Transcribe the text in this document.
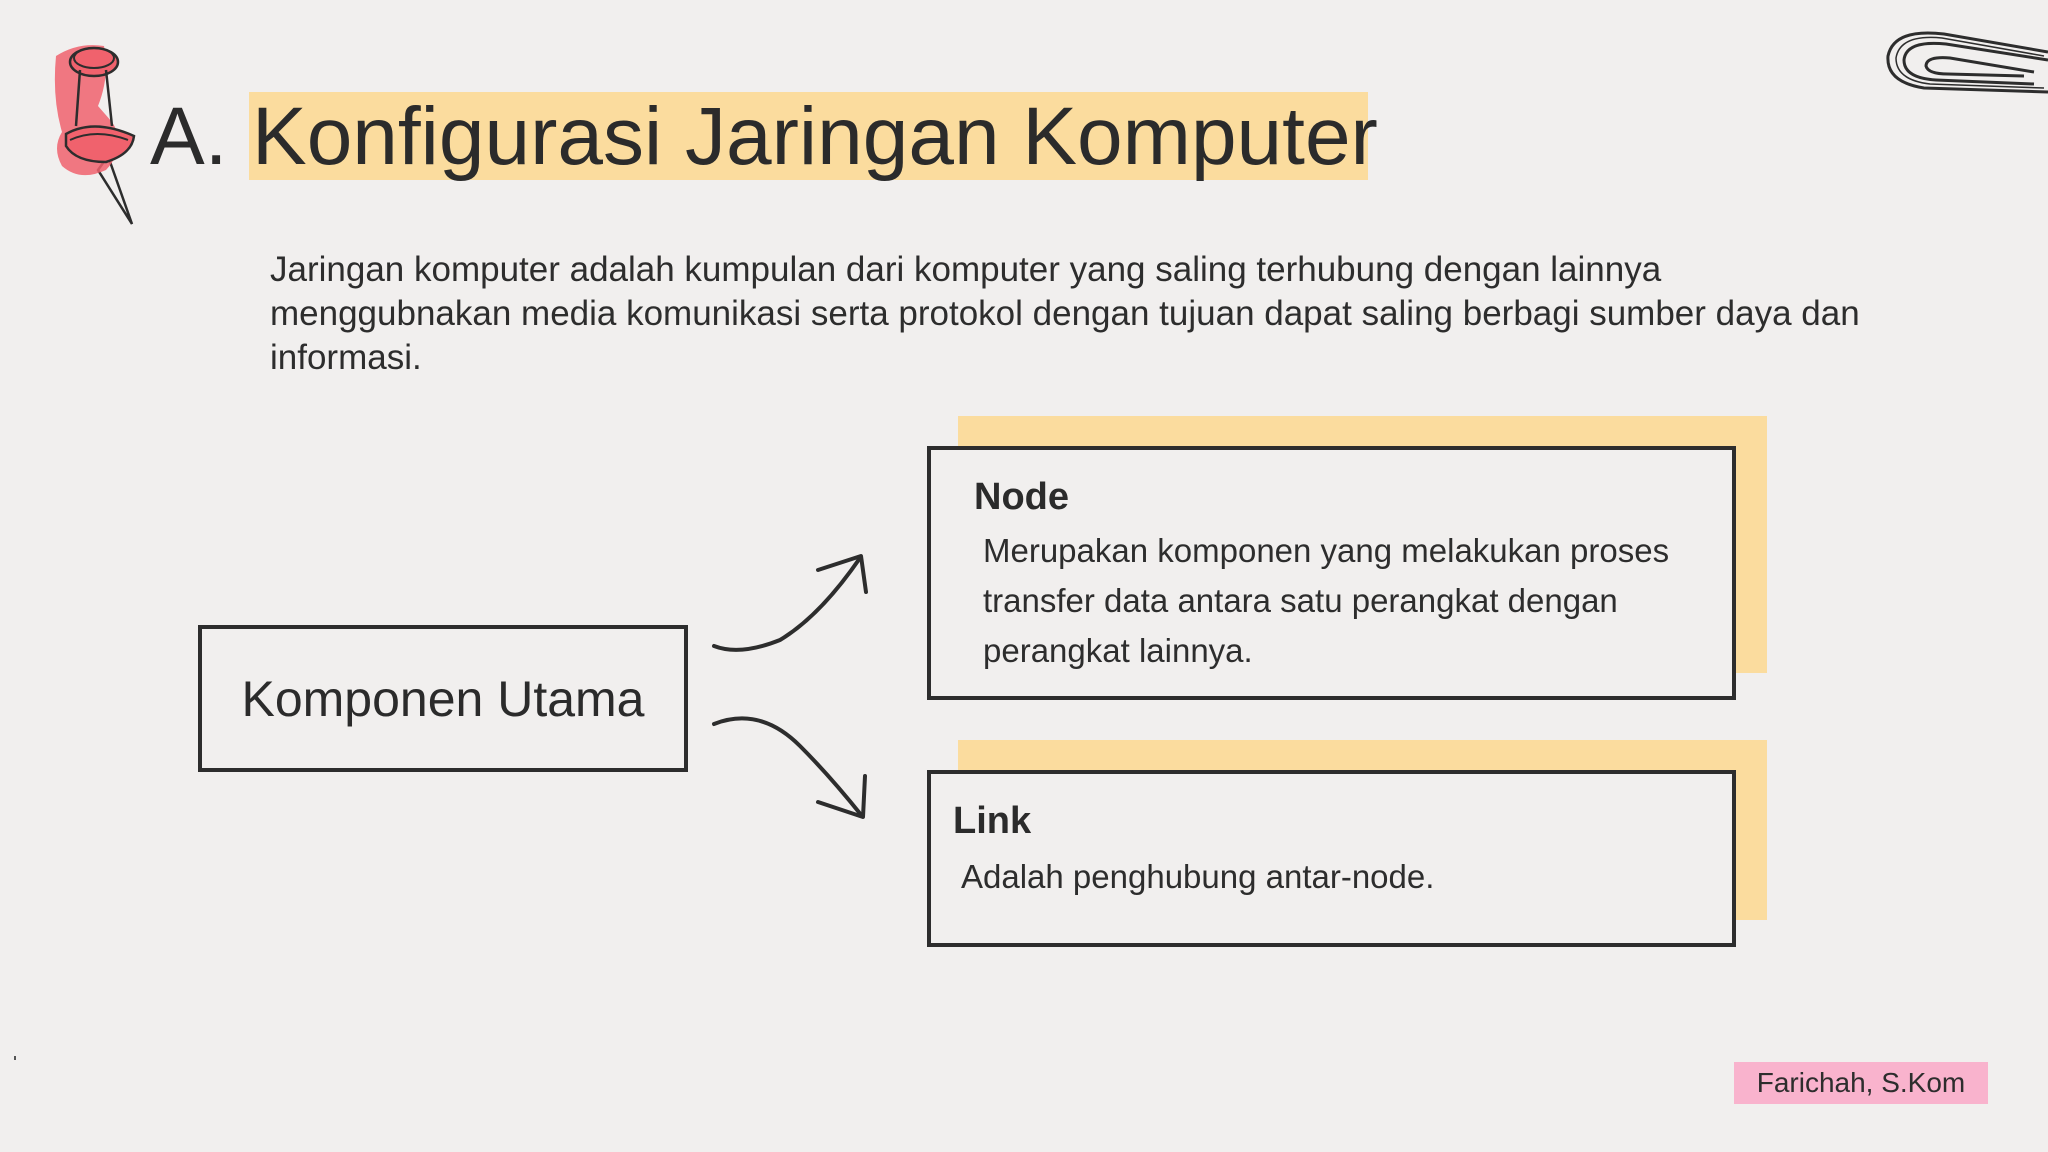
A. Konfigurasi Jaringan Komputer
Jaringan komputer adalah kumpulan dari komputer yang saling terhubung dengan lainnya menggubnakan media komunikasi serta protokol dengan tujuan dapat saling berbagi sumber daya dan informasi.
Komponen Utama
Node
Merupakan komponen yang melakukan proses transfer data antara satu perangkat dengan perangkat lainnya.
Link
Adalah penghubung antar-node.
Farichah, S.Kom
